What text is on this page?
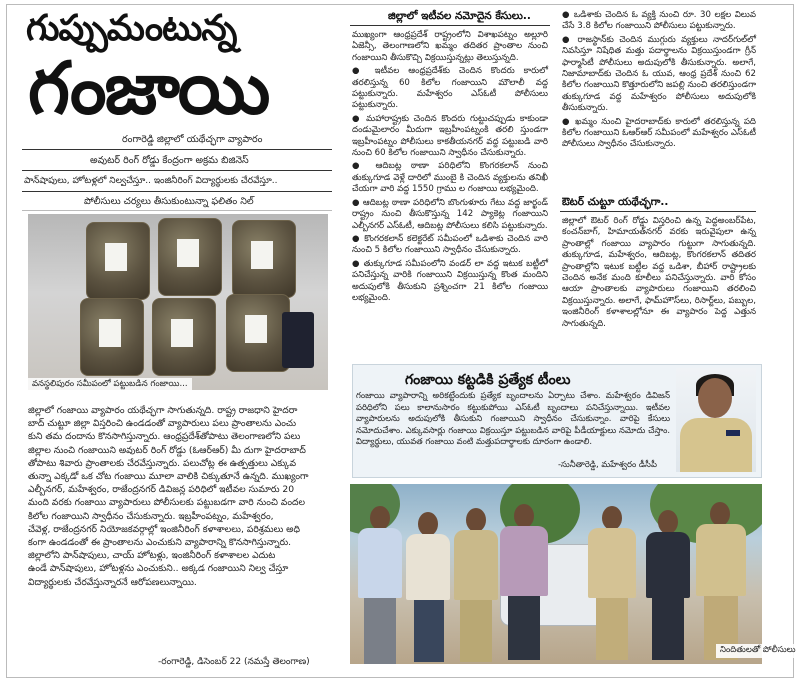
గుప్పుమంటున్న
గంజాయి
రంగారెడ్డి జిల్లాలో యథేచ్ఛగా వ్యాపారం
అవుటర్ రింగ్ రోడ్డు కేంద్రంగా అక్రమ బిజినెస్
పాన్‌షాపులు, హోటళ్లలో నిల్వచేస్తూ.. ఇంజినీరింగ్ విద్యార్థులకు చేరవేస్తూ..
పోలీసులు చర్యలు తీసుకుంటున్నా ఫలితం నిల్
వనస్థలిపురం సమీపంలో పట్టుబడిన గంజాయి...
జిల్లాలో గంజాయి వ్యాపారం యథేచ్ఛగా సాగుతున్నది. రాష్ట్ర రాజధాని హైదరా
బాద్ చుట్టూ జిల్లా విస్తరించి ఉండడంతో వ్యాపారులు పలు ప్రాంతాలను ఎంచు
కుని తమ దందాను కొనసాగిస్తున్నారు. ఆంధ్రప్రదేశ్‌తోపాటు తెలంగాణలోని పలు
జిల్లాల నుంచి గంజాయిని అవుటర్ రింగ్ రోడ్డు (ఓఆర్ఆర్) మీ దుగా హైదరాబాద్
తోపాటు శివారు ప్రాంతాలకు చేరవేస్తున్నారు. పలుచోట్ల ఈ ఉత్పత్తులు ఎక్కువ
తున్నా ఎక్కడో ఒక చోట గంజాయి మూలా వాలికి చిక్కుతూనే ఉన్నది. ముఖ్యంగా
ఎల్బీనగర్, మహేశ్వరం, రాజేంద్రనగర్ డివిజన్ల పరిధిలో ఇటీవల సుమారు 20
మంది వరకు గంజాయి వ్యాపారులు పోలీసులకు పట్టుబడగా వారి నుంచి వందల
కిలోల గంజాయిని స్వాధీనం చేసుకున్నారు. ఇబ్రహీంపట్నం, మహేశ్వరం,
చేవెళ్ల, రాజేంద్రనగర్ నియోజకవర్గాల్లో ఇంజినీరింగ్ కళాశాలలు, పరిశ్రమలు అధి
కంగా ఉండడంతో ఈ ప్రాంతాలను ఎంచుకుని వ్యాపారాన్ని కొనసాగిస్తున్నారు.
జిల్లాలోని పాన్‌షాపులు, చాయ్ హోటళ్లు, ఇంజినీరింగ్ కళాశాలల ఎదుట
ఉండే పాన్‌షాపులు, హోటళ్లను ఎంచుకుని.. అక్కడ గంజాయిని నిల్వ చేస్తూ
విద్యార్థులకు చేరవేస్తున్నారనే ఆరోపణలున్నాయి.
-రంగారెడ్డి, డిసెంబర్ 22 (నమస్తే తెలంగాణ)
జిల్లాలో ఇటీవల నమోదైన కేసులు..

ముఖ్యంగా ఆంధ్రప్రదేశ్ రాష్ట్రంలోని విశాఖపట్నం అల్లూరి ఏజెన్సీ, తెలంగాణలోని ఖమ్మం తదితర ప్రాంతాల నుంచి గంజాయిని తీసుకొచ్చి విక్రయిస్తున్నట్లు తెలుస్తున్నది.

● ఇటీవల ఆంధ్రప్రదేశ్‌కు చెందిన కొందరు కారులో తరలిస్తున్న 60 కిలోల గంజాయిని మౌలాలీ వద్ద పట్టుకున్నారు. మహేశ్వరం ఎస్ఓటీ పోలీసులు పట్టుకున్నారు.

● మహారాష్ట్రకు చెందిన కొందరు గుట్టుచప్పుడు కాకుండా దండుమైలారం మీదుగా ఇబ్రహీంపట్నంకి తరలి స్తుండగా ఇబ్రహీంపట్నం పోలీసులు కాకతీయనగర్ వద్ద పట్టుబడి వారి నుంచి 60 కిలోల గంజాయిని స్వాధీనం చేసుకున్నారు.

● ఆదిబట్ల ఠాణా పరిధిలోని కొంగరకలాన్ నుంచి తుక్కుగూడ వెళ్లే దారిలో ముంబై కి చెందిన వ్యక్తులను తనిఖీ చేయగా వారి వద్ద 1550 గ్రాము ల గంజాయి లభ్యమైంది.

● ఆదిబట్ల ఠాణా పరిధిలోని బొంగుళూరు గేటు వద్ద జార్ఖండ్ రాష్ట్రం నుంచి తీసుకొస్తున్న 142 ప్యాకెట్ల గంజాయిని ఎల్బీనగర్ ఎస్ఓటీ, ఆదిబట్ల పోలీసులు కలిసి పట్టుకున్నారు.

● కొంగరకలాన్ కలెక్టరేట్ సమీపంలో ఒడిశాకు చెందిన వారి నుంచి 5 కిలోల గంజాయిని స్వాధీనం చేసుకున్నారు.

● తుక్కుగూడ సమీపంలోని వండర్ లా వద్ద ఇటుక బట్టీలో పనిచేస్తున్న వారికి గంజాయిని విక్రయిస్తున్న కొంత మందిని అదుపులోకి తీసుకుని ప్రశ్నించగా 21 కిలోల గంజాయి లభ్యమైంది.

● ఒడిశాకు చెందిన ఓ వ్యక్తి నుంచి రూ. 30 లక్షల విలువ చేసే 3.8 కిలోల గంజాయిని పోలీసులు పట్టుకున్నారు.

● రాజస్థాన్‌కు చెందిన ముగ్గురు వ్యక్తులు నాదర్‌గుల్‌లో నివసిస్తూ నిషేధిత మత్తు పదార్థాలను విక్రయిస్తుండగా గ్రీన్ ఫార్మాసిటీ పోలీసులు అదుపులోకి తీసుకున్నారు. అలాగే, నిజామాబాద్‌కు చెందిన ఓ యువ, ఆంధ్ర ప్రదేశ్ నుంచి 62 కిలోల గంజాయిని కొత్తూరులోని జపల్లి నుంచి తరలిస్తుండగా తుక్కుగూడ వద్ద మహేశ్వరం పోలీసులు అదుపులోకి తీసుకున్నారు.

● ఖమ్మం నుంచి హైదరాబాద్‌కు కారులో తరలిస్తున్న పది కిలోల గంజాయిని ఓఆర్ఆర్ సమీపంలో మహేశ్వరం ఎస్ఓటీ పోలీసులు స్వాధీనం చేసుకున్నారు.

ఔటర్ చుట్టూ యథేచ్ఛగా..

జిల్లాలో ఔటర్ రింగ్ రోడ్డు విస్తరించి ఉన్న పెద్దఅంబర్‌పేట, కంచన్‌బాగ్, హిమాయత్‌నగర్ వరకు ఇరువైపులా ఉన్న ప్రాంతాల్లో గంజాయి వ్యాపారం గుట్టుగా సాగుతున్నది. తుక్కుగూడ, మహేశ్వరం, ఆదిబట్ల, కొంగరకలాన్ తదితర ప్రాంతాల్లోని ఇటుక బట్టీల వద్ద ఒడిశా, బీహార్ రాష్ట్రాలకు చెందిన అనేక మంది కూలీలు పనిచేస్తున్నారు. వారి కోసం ఆయా ప్రాంతాలకు వ్యాపారులు గంజాయిని తరలించి విక్రయిస్తున్నారు. అలాగే, ఫామ్‌హౌస్‌లు, రిసార్ట్‌లు, పబ్బుల, ఇంజినీరింగ్ కళాశాలల్లోనూ ఈ వ్యాపారం పెద్ద ఎత్తున సాగుతున్నది.

గంజాయి కట్టడికి ప్రత్యేక టీంలు
గంజాయి వ్యాపారాన్ని అరికట్టేందుకు ప్రత్యేక బృందాలను ఏర్పాటు చేశాం. మహేశ్వరం డివిజన్ పరిధిలోని పలు కాలానుసారం కట్టుకుపోయి ఎస్ఓటీ బృందాలు పనిచేస్తున్నాయి. ఇటీవల వ్యాపారులను అదుపులోకి తీసుకుని గంజాయిని స్వాధీనం చేసుకున్నాం. వారిపై కేసులు నమోదుచేశాం. ఎక్కువసార్లు గంజాయి విక్రయిస్తూ పట్టుబడిన వారిపై పీడీయాక్టులు నమోదు చేస్తాం. విద్యార్థులు, యువత గంజాయి వంటి మత్తుపదార్థాలకు దూరంగా ఉండాలి.
-సునీతారెడ్డి, మహేశ్వరం డీసీపీ
నిందితులతో పోలీసులు
